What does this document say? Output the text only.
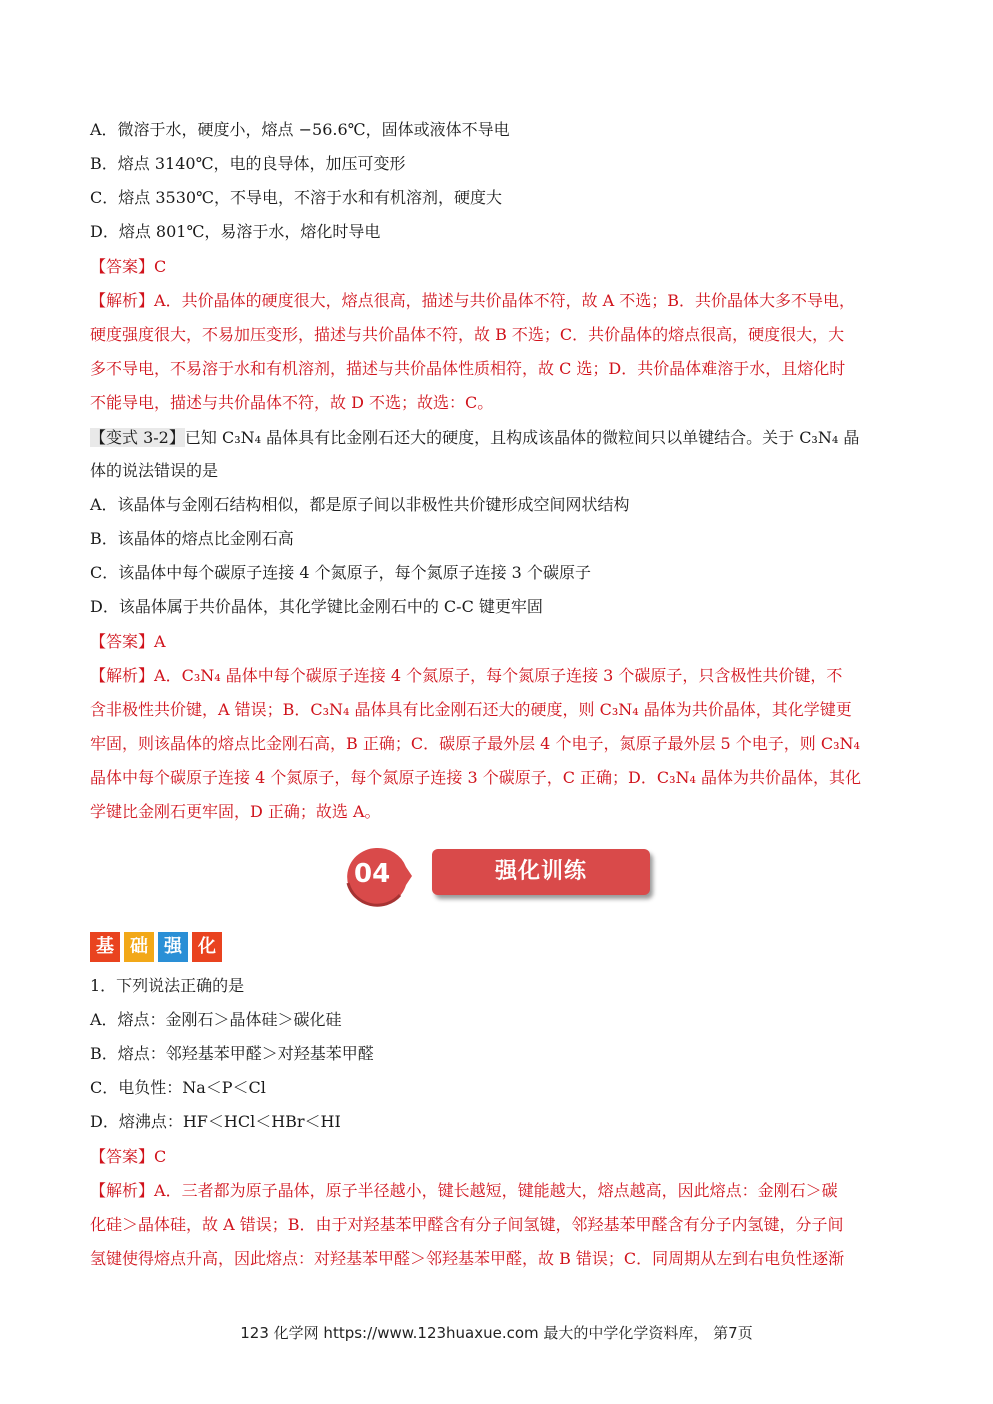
A．微溶于水，硬度小，熔点 −56.6℃，固体或液体不导电
B．熔点 3140℃，电的良导体，加压可变形
C．熔点 3530℃，不导电，不溶于水和有机溶剂，硬度大
D．熔点 801℃，易溶于水，熔化时导电
【答案】C
【解析】A．共价晶体的硬度很大，熔点很高，描述与共价晶体不符，故 A 不选；B．共价晶体大多不导电，
硬度强度很大，不易加压变形，描述与共价晶体不符，故 B 不选；C．共价晶体的熔点很高，硬度很大，大
多不导电，不易溶于水和有机溶剂，描述与共价晶体性质相符，故 C 选；D．共价晶体难溶于水，且熔化时
不能导电，描述与共价晶体不符，故 D 不选；故选：C。
【变式 3-2】已知 C₃N₄ 晶体具有比金刚石还大的硬度，且构成该晶体的微粒间只以单键结合。关于 C₃N₄ 晶
体的说法错误的是
A．该晶体与金刚石结构相似，都是原子间以非极性共价键形成空间网状结构
B．该晶体的熔点比金刚石高
C．该晶体中每个碳原子连接 4 个氮原子，每个氮原子连接 3 个碳原子
D．该晶体属于共价晶体，其化学键比金刚石中的 C-C 键更牢固
【答案】A
【解析】A．C₃N₄ 晶体中每个碳原子连接 4 个氮原子，每个氮原子连接 3 个碳原子，只含极性共价键，不
含非极性共价键，A 错误；B．C₃N₄ 晶体具有比金刚石还大的硬度，则 C₃N₄ 晶体为共价晶体，其化学键更
牢固，则该晶体的熔点比金刚石高，B 正确；C．碳原子最外层 4 个电子，氮原子最外层 5 个电子，则 C₃N₄
晶体中每个碳原子连接 4 个氮原子，每个氮原子连接 3 个碳原子，C 正确；D．C₃N₄ 晶体为共价晶体，其化
学键比金刚石更牢固，D 正确；故选 A。
04	强化训练
基 础 强 化
1．下列说法正确的是
A．熔点：金刚石＞晶体硅＞碳化硅
B．熔点：邻羟基苯甲醛＞对羟基苯甲醛
C．电负性：Na＜P＜Cl
D．熔沸点：HF＜HCl＜HBr＜HI
【答案】C
【解析】A．三者都为原子晶体，原子半径越小，键长越短，键能越大，熔点越高，因此熔点：金刚石＞碳
化硅＞晶体硅，故 A 错误；B．由于对羟基苯甲醛含有分子间氢键，邻羟基苯甲醛含有分子内氢键，分子间
氢键使得熔点升高，因此熔点：对羟基苯甲醛＞邻羟基苯甲醛，故 B 错误；C．同周期从左到右电负性逐渐
123 化学网 https://www.123huaxue.com 最大的中学化学资料库， 第7页
